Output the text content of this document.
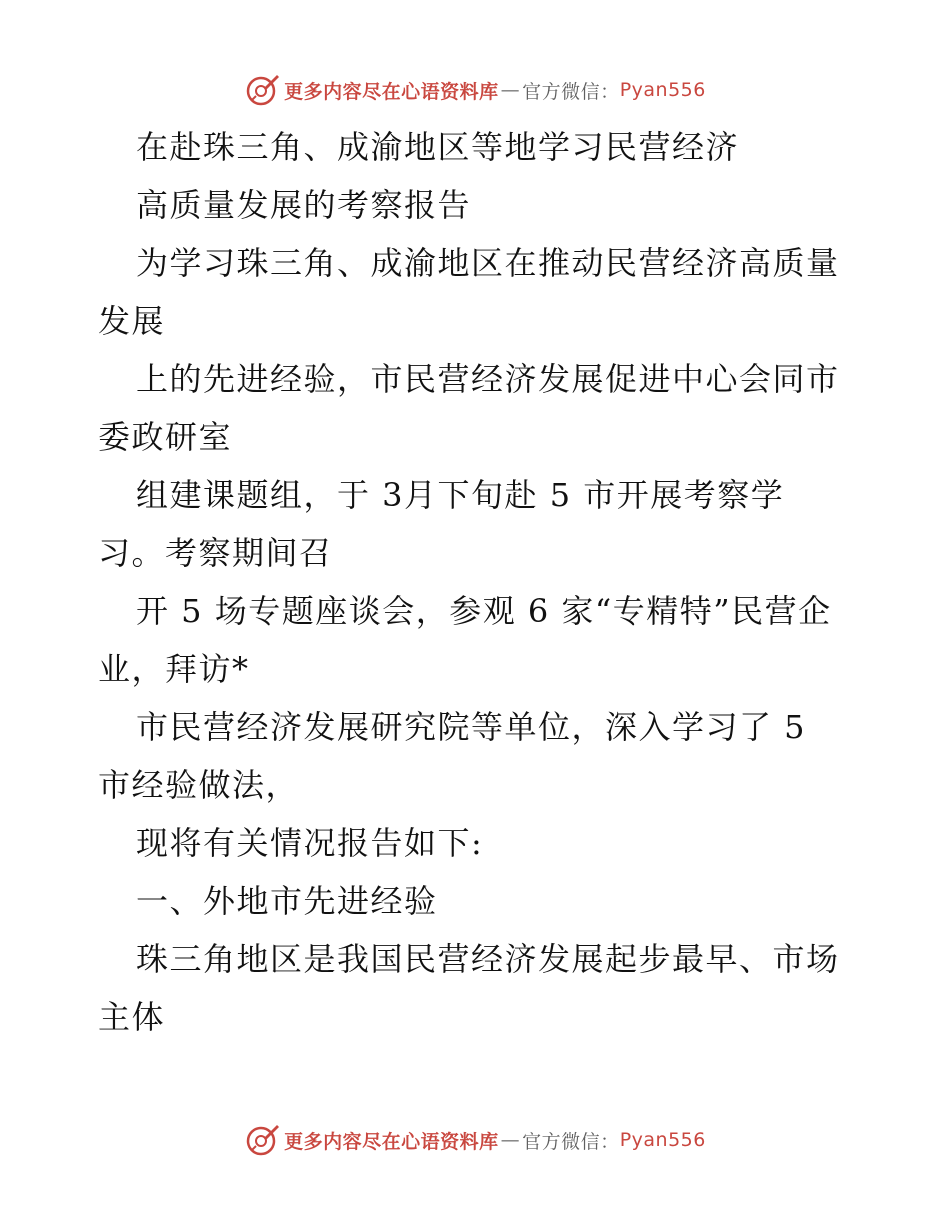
更多内容尽在心语资料库 — 官方微信： Pyan556
在赴珠三角、成渝地区等地学习民营经济
高质量发展的考察报告
为学习珠三角、成渝地区在推动民营经济高质量
发展
上的先进经验，市民营经济发展促进中心会同市
委政研室
组建课题组，于 3月下旬赴 5 市开展考察学
习。考察期间召
开 5 场专题座谈会，参观 6 家“专精特”民营企
业，拜访*
市民营经济发展研究院等单位，深入学习了 5
市经验做法，
现将有关情况报告如下:
一、外地市先进经验
珠三角地区是我国民营经济发展起步最早、市场
主体
更多内容尽在心语资料库 — 官方微信： Pyan556
